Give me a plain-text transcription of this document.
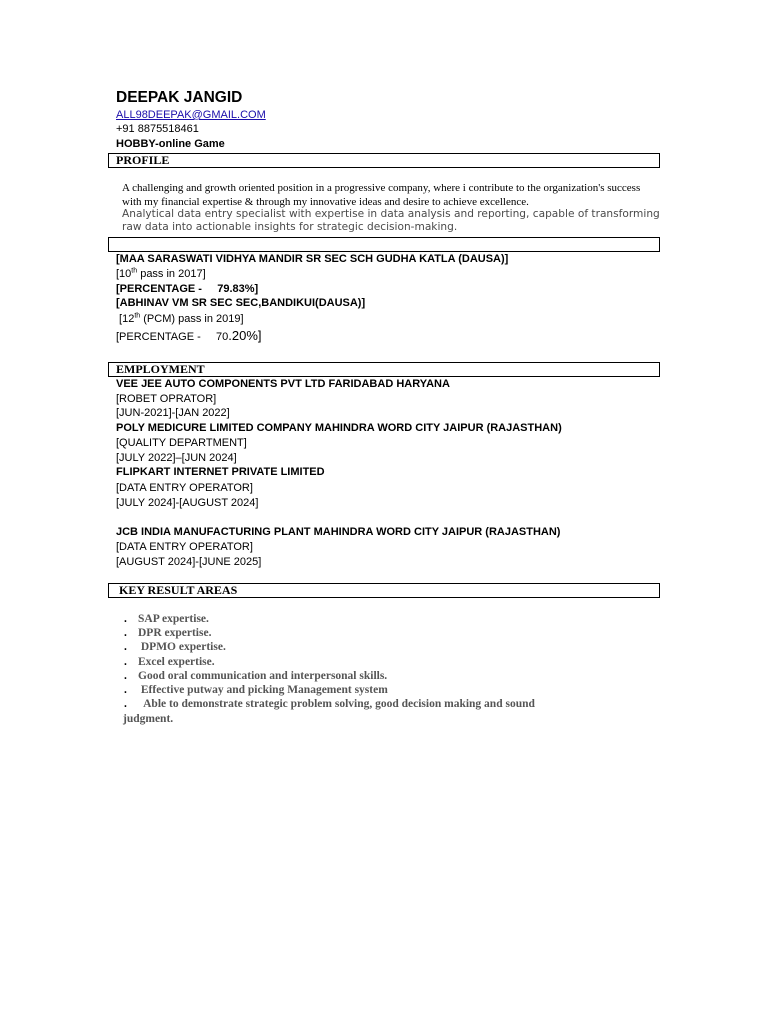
DEEPAK JANGID
ALL98DEEPAK@GMAIL.COM
+91 8875518461
HOBBY-online Game
PROFILE
A challenging and growth oriented position in a progressive company, where i contribute to the organization's success with my financial expertise & through my innovative ideas and desire to achieve excellence.
Analytical data entry specialist with expertise in data analysis and reporting, capable of transforming raw data into actionable insights for strategic decision-making.
[MAA SARASWATI VIDHYA MANDIR SR SEC SCH GUDHA KATLA (DAUSA)]
[10th pass in 2017]
[PERCENTAGE -     79.83%]
[ABHINAV VM SR SEC SEC,BANDIKUI(DAUSA)]
[12th (PCM) pass in 2019]
[PERCENTAGE -     70.20%]
EMPLOYMENT
VEE JEE AUTO COMPONENTS PVT LTD FARIDABAD HARYANA
[ROBET OPRATOR]
[JUN-2021]-[JAN 2022]
POLY MEDICURE LIMITED COMPANY MAHINDRA WORD CITY JAIPUR (RAJASTHAN)
[QUALITY DEPARTMENT]
[JULY 2022]–[JUN 2024]
FLIPKART INTERNET PRIVATE LIMITED
[DATA ENTRY OPERATOR]
[JULY 2024]-[AUGUST 2024]
JCB INDIA MANUFACTURING PLANT MAHINDRA WORD CITY JAIPUR (RAJASTHAN)
[DATA ENTRY OPERATOR]
[AUGUST 2024]-[JUNE 2025]
KEY RESULT AREAS
. SAP expertise.
. DPR expertise.
. DPMO expertise.
. Excel expertise.
. Good oral communication and interpersonal skills.
. Effective putway and picking Management system
.  Able to demonstrate strategic problem solving, good decision making and sound
judgment.
